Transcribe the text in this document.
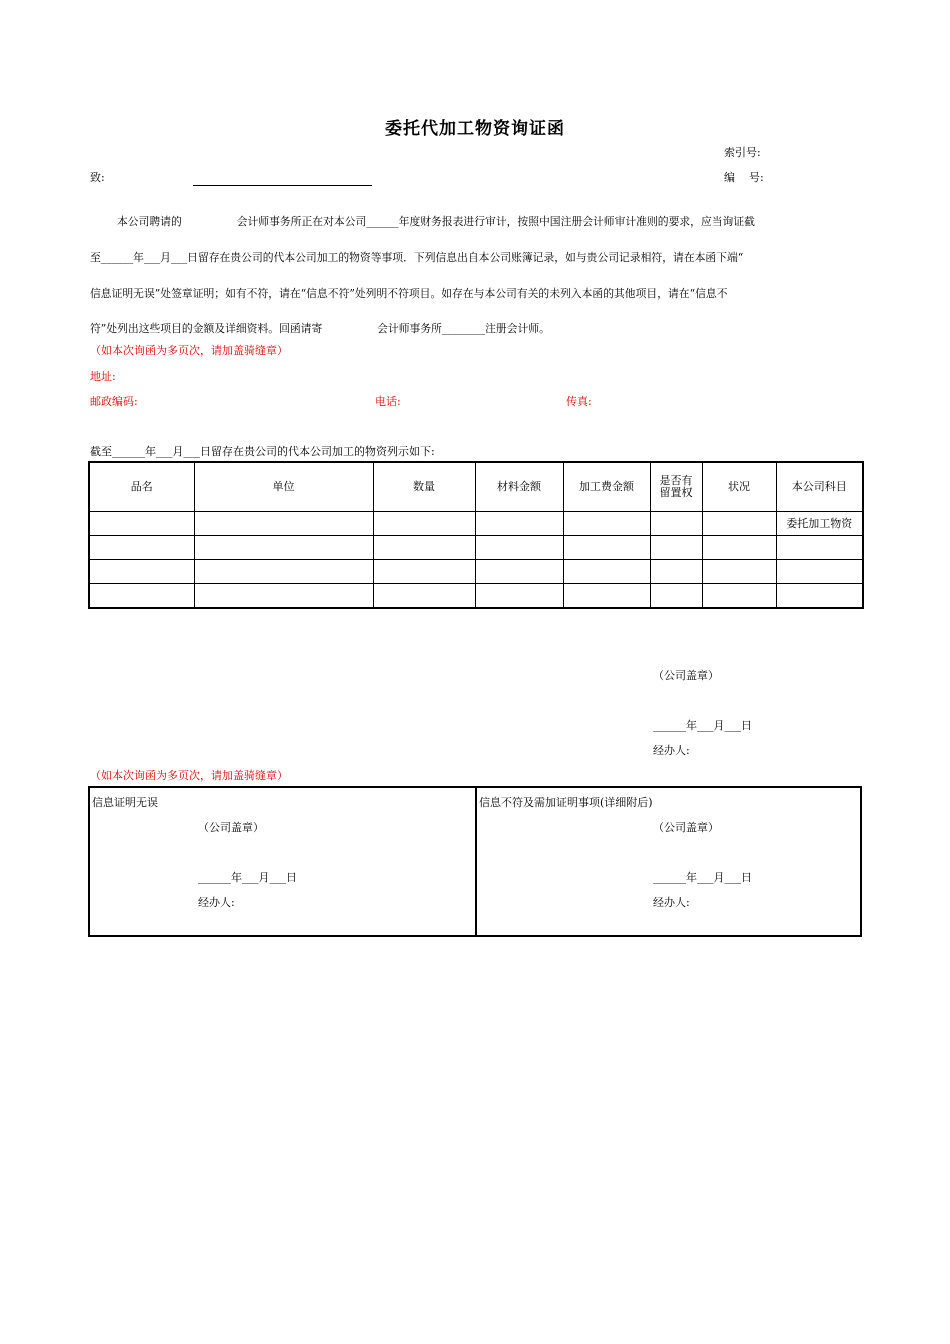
委托代加工物资询证函
索引号:
致:	编    号:
本公司聘请的                会计师事务所正在对本公司______年度财务报表进行审计，按照中国注册会计师审计准则的要求，应当询证截
至______年___月___日留存在贵公司的代本公司加工的物资等事项．下列信息出自本公司账簿记录，如与贵公司记录相符，请在本函下端“
信息证明无误”处签章证明；如有不符，请在“信息不符”处列明不符项目。如存在与本公司有关的未列入本函的其他项目，请在“信息不
符”处列出这些项目的金额及详细资料。回函请寄                会计师事务所________注册会计师。
（如本次询函为多页次，请加盖骑缝章）
地址:
邮政编码:	电话:	传真:
截至______年___月___日留存在贵公司的代本公司加工的物资列示如下:
品名	单位	数量	材料金额	加工费金额	是否有留置权	状况	本公司科目
							委托加工物资

（公司盖章）
______年___月___日
经办人:
（如本次询函为多页次，请加盖骑缝章）
信息证明无误
（公司盖章）
______年___月___日
经办人:
信息不符及需加证明事项(详细附后)
（公司盖章）
______年___月___日
经办人:
